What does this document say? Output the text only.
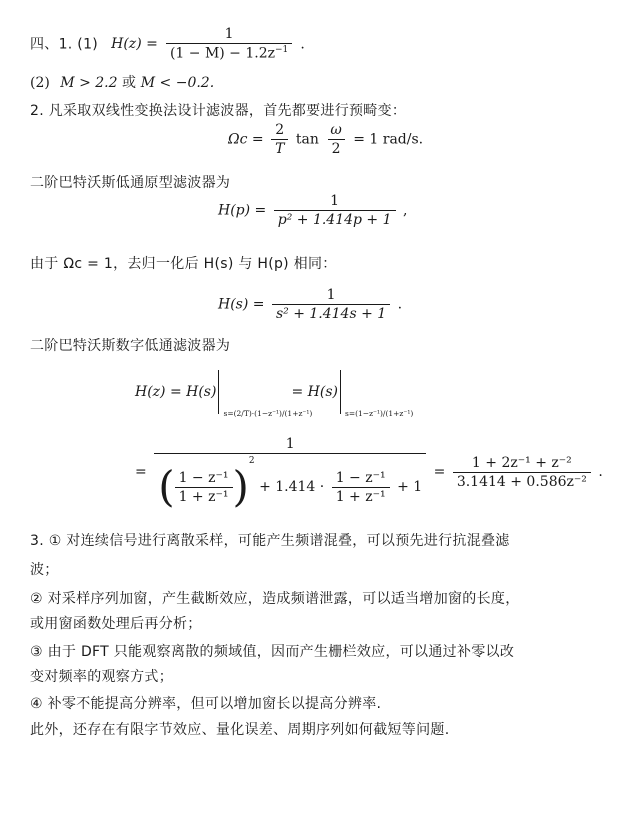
四、1. (1) $H(z) = \frac{1}{(1 - M) - 1.2z^{-1}}$ .
(2) M > 2.2 或 M < −0.2.
2. 凡采取双线性变换法设计滤波器，首先都要进行预畸变：
$\Omega c = \frac{2}{T}$ $\tan \frac{\omega}{2} = 1$ rad/s.
二阶巴特沃斯低通原型滤波器为
$H(p) = \frac{1}{\text{p² + 1.414p + 1}}$ ,
由于 Ωc = 1，去归一化后 H(s) 与 H(p) 相同：
$H(s) = \frac{1}{\text{s² + 1.414s + 1}}$ .
二阶巴特沃斯数字低通滤波器为
H(z) = H(s)
s=(2/T)·(1−z⁻¹)/(1+z⁻¹)
= H(s)
s=(1−z⁻¹)/(1+z⁻¹)
=
1
( $\frac{\text{1 − z⁻¹}}{\text{1 + z⁻¹}} )^2 + 1.414 \cdot \frac{\text{1 − z⁻¹}}{\text{1 + z⁻¹}} + 1$
= $\frac{\text{1 + 2z⁻¹ + z⁻²}}{\text{3.1414 + 0.586z⁻²}}$ .
3. ① 对连续信号进行离散采样，可能产生频谱混叠，可以预先进行抗混叠滤
波；
② 对采样序列加窗，产生截断效应，造成频谱泄露，可以适当增加窗的长度，
或用窗函数处理后再分析；
③ 由于 DFT 只能观察离散的频域值，因而产生栅栏效应，可以通过补零以改
变对频率的观察方式；
④ 补零不能提高分辨率，但可以增加窗长以提高分辨率.
此外，还存在有限字节效应、量化误差、周期序列如何截短等问题.
